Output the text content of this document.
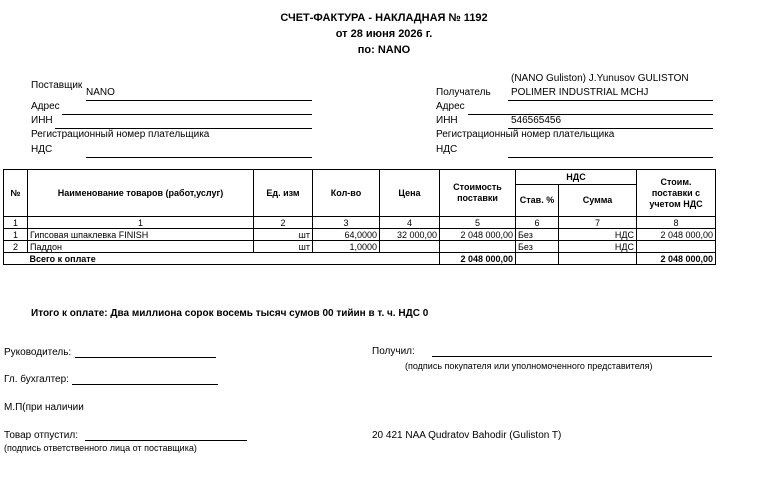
СЧЕТ-ФАКТУРА - НАКЛАДНАЯ № 1192
от 28 июня 2026 г.
по: NANO
Поставщик
NANO
Адрес
ИНН
Регистрационный номер плательщика
НДС
(NANO Guliston) J.Yunusov GULISTON
Получатель POLIMER INDUSTRIAL MCHJ
Адрес
ИНН	546565456
Регистрационный номер плательщика
НДС
№	Наименование товаров (работ,услуг)	Ед. изм	Кол-во	Цена	Стоимость поставки	НДС		Стоим. поставки с учетом НДС
						Став. %	Сумма	
1	1	2	3	4	5	6	7	8
1	Гипсовая шпаклевка FINISH	шт	64,0000	32 000,00	2 048 000,00	Без	НДС	2 048 000,00
2	Паддон	шт	1,0000			Без	НДС	
	Всего к оплате				2 048 000,00			2 048 000,00
Итого к оплате: Два миллиона сорок восемь тысяч сумов 00 тийин в т. ч. НДС 0
Руководитель:	Получил:
(подпись покупателя или уполномоченного представителя)
Гл. бухгалтер:
М.П(при наличии
Товар отпустил:
(подпись ответственного лица от поставщика)
20 421 NAA Qudratov Bahodir (Guliston T)
